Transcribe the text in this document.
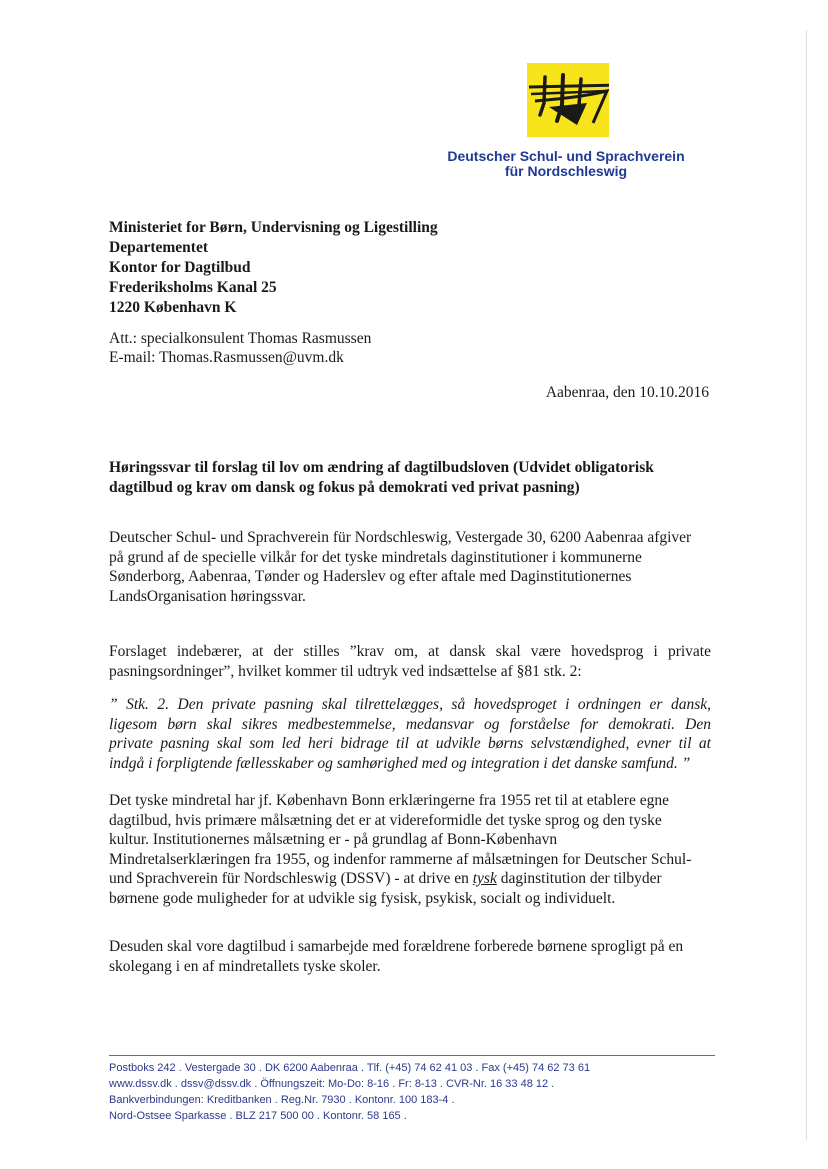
Deutscher Schul- und Sprachverein
für Nordschleswig
Ministeriet for Børn, Undervisning og Ligestilling
Departementet
Kontor for Dagtilbud
Frederiksholms Kanal 25
1220 København K
Att.: specialkonsulent Thomas Rasmussen
E-mail: Thomas.Rasmussen@uvm.dk
Aabenraa, den 10.10.2016
Høringssvar til forslag til lov om ændring af dagtilbudsloven (Udvidet obligatorisk
dagtilbud og krav om dansk og fokus på demokrati ved privat pasning)
Deutscher Schul- und Sprachverein für Nordschleswig, Vestergade 30, 6200 Aabenraa afgiver
på grund af de specielle vilkår for det tyske mindretals daginstitutioner i kommunerne
Sønderborg, Aabenraa, Tønder og Haderslev og efter aftale med Daginstitutionernes
LandsOrganisation høringssvar.
Forslaget indebærer, at der stilles ”krav om, at dansk skal være hovedsprog i private
pasningsordninger”, hvilket kommer til udtryk ved indsættelse af §81 stk. 2:
” Stk. 2. Den private pasning skal tilrettelægges, så hovedsproget i ordningen er dansk,
ligesom børn skal sikres medbestemmelse, medansvar og forståelse for demokrati. Den
private pasning skal som led heri bidrage til at udvikle børns selvstændighed, evner til at
indgå i forpligtende fællesskaber og samhørighed med og integration i det danske samfund. ”
Det tyske mindretal har jf. København Bonn erklæringerne fra 1955 ret til at etablere egne
dagtilbud, hvis primære målsætning det er at videreformidle det tyske sprog og den tyske
kultur. Institutionernes målsætning er - på grundlag af Bonn-København
Mindretalserklæringen fra 1955, og indenfor rammerne af målsætningen for Deutscher Schul-
und Sprachverein für Nordschleswig (DSSV) - at drive en tysk daginstitution der tilbyder
børnene gode muligheder for at udvikle sig fysisk, psykisk, socialt og individuelt.
Desuden skal vore dagtilbud i samarbejde med forældrene forberede børnene sprogligt på en
skolegang i en af mindretallets tyske skoler.
Postboks 242 . Vestergade 30 . DK 6200 Aabenraa . Tlf. (+45) 74 62 41 03 . Fax (+45) 74 62 73 61
www.dssv.dk . dssv@dssv.dk . Öffnungszeit: Mo-Do: 8-16 . Fr: 8-13 . CVR-Nr. 16 33 48 12 .
Bankverbindungen: Kreditbanken . Reg.Nr. 7930 . Kontonr. 100 183-4 .
Nord-Ostsee Sparkasse . BLZ 217 500 00 . Kontonr. 58 165 .
